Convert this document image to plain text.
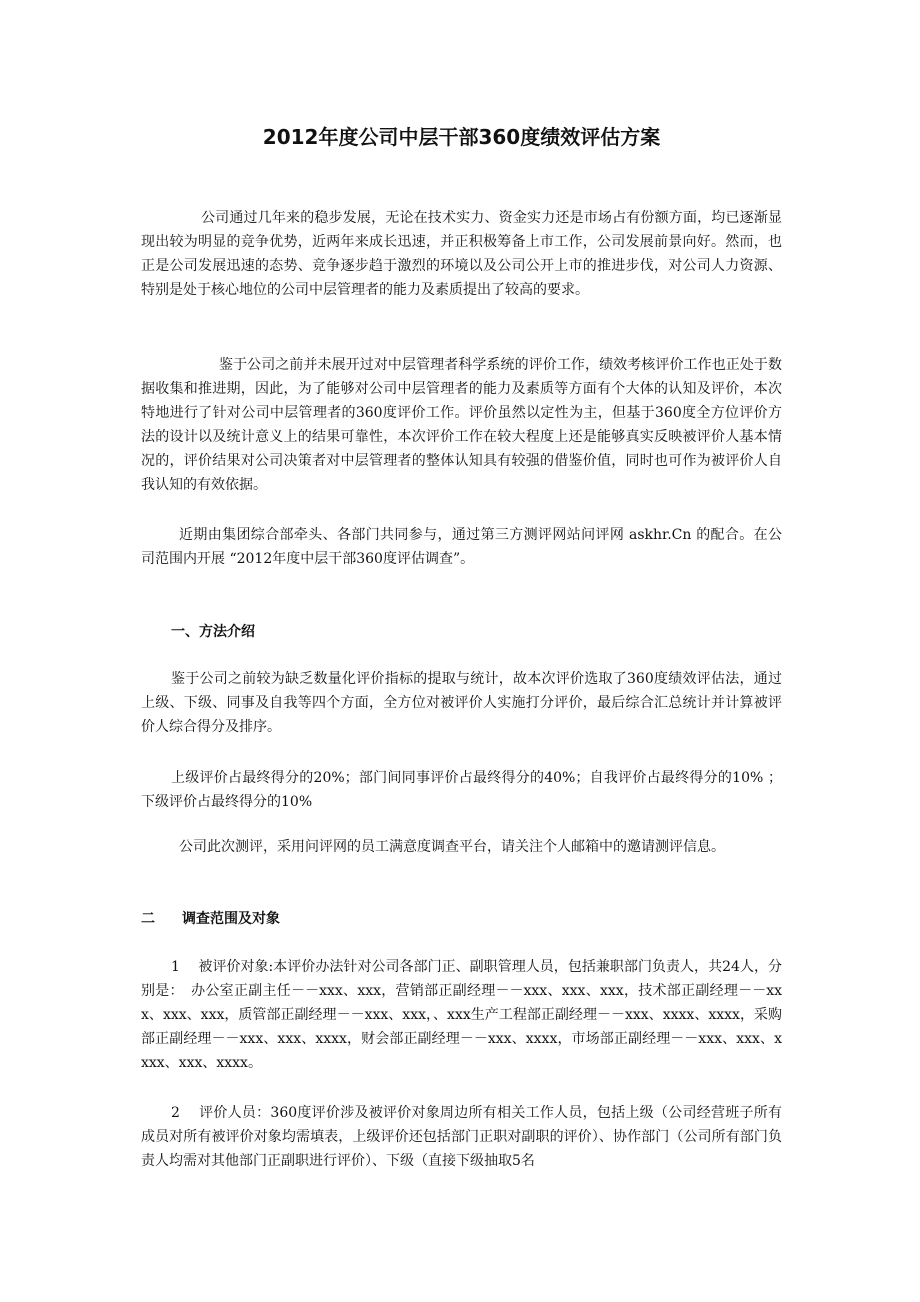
2012年度公司中层干部360度绩效评估方案

公司通过几年来的稳步发展，无论在技术实力、资金实力还是市场占有份额方面，均已逐渐显现出较为明显的竞争优势，近两年来成长迅速，并正积极筹备上市工作，公司发展前景向好。然而，也正是公司发展迅速的态势、竞争逐步趋于激烈的环境以及公司公开上市的推进步伐，对公司人力资源、特别是处于核心地位的公司中层管理者的能力及素质提出了较高的要求。

鉴于公司之前并未展开过对中层管理者科学系统的评价工作，绩效考核评价工作也正处于数据收集和推进期，因此，为了能够对公司中层管理者的能力及素质等方面有个大体的认知及评价，本次特地进行了针对公司中层管理者的360度评价工作。评价虽然以定性为主，但基于360度全方位评价方法的设计以及统计意义上的结果可靠性，本次评价工作在较大程度上还是能够真实反映被评价人基本情况的，评价结果对公司决策者对中层管理者的整体认知具有较强的借鉴价值，同时也可作为被评价人自我认知的有效依据。

近期由集团综合部牵头、各部门共同参与，通过第三方测评网站问评网 askhr.Cn 的配合。在公司范围内开展 “2012年度中层干部360度评估调查”。

一、方法介绍

鉴于公司之前较为缺乏数量化评价指标的提取与统计，故本次评价选取了360度绩效评估法，通过上级、下级、同事及自我等四个方面，全方位对被评价人实施打分评价，最后综合汇总统计并计算被评价人综合得分及排序。

上级评价占最终得分的20%；部门间同事评价占最终得分的40%；自我评价占最终得分的10% ；下级评价占最终得分的10%

公司此次测评，采用问评网的员工满意度调查平台，请关注个人邮箱中的邀请测评信息。

二 调查范围及对象

1　 被评价对象:本评价办法针对公司各部门正、副职管理人员，包括兼职部门负责人，共24人，分别是：　办公室正副主任－－xxx、xxx，营销部正副经理－－xxx、xxx、xxx，技术部正副经理－－xxx、xxx、xxx，质管部正副经理－－xxx、xxx，、xxx生产工程部正副经理－－xxx、xxxx、xxxx，采购部正副经理－－xxx、xxx、xxxx，财会部正副经理－－xxx、xxxx，市场部正副经理－－xxx、xxx、xxxx、xxx、xxxx。

2　 评价人员：360度评价涉及被评价对象周边所有相关工作人员，包括上级（公司经营班子所有成员对所有被评价对象均需填表，上级评价还包括部门正职对副职的评价）、协作部门（公司所有部门负责人均需对其他部门正副职进行评价）、下级（直接下级抽取5名
